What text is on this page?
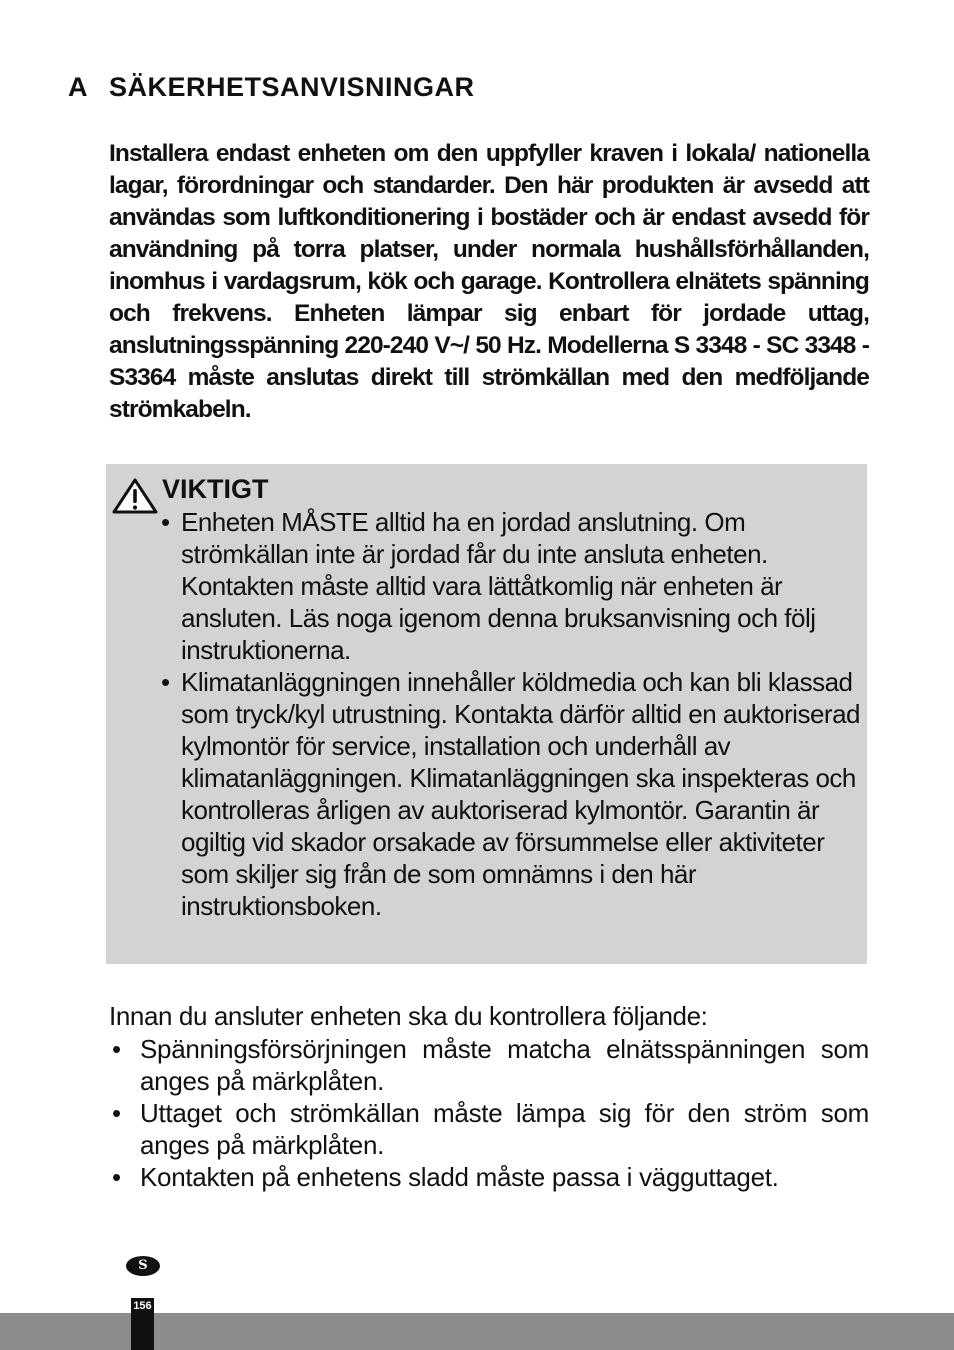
A SÄKERHETSANVISNINGAR

Installera endast enheten om den uppfyller kraven i lokala/ nationella lagar, förordningar och standarder. Den här produkten är avsedd att användas som luftkonditionering i bostäder och är endast avsedd för användning på torra platser, under normala hushållsförhållanden, inomhus i vardagsrum, kök och garage. Kontrollera elnätets spänning och frekvens. Enheten lämpar sig enbart för jordade uttag, anslutningsspänning 220-240 V~/ 50 Hz. Modellerna S 3348 - SC 3348 - S3364 måste anslutas direkt till strömkällan med den medföljande strömkabeln.

VIKTIGT
• Enheten MÅSTE alltid ha en jordad anslutning. Om strömkällan inte är jordad får du inte ansluta enheten. Kontakten måste alltid vara lättåtkomlig när enheten är ansluten. Läs noga igenom denna bruksanvisning och följ instruktionerna.
• Klimatanläggningen innehåller köldmedia och kan bli klassad som tryck/kyl utrustning. Kontakta därför alltid en auktoriserad kylmontör för service, installation och underhåll av klimatanläggningen. Klimatanläggningen ska inspekteras och kontrolleras årligen av auktoriserad kylmontör. Garantin är ogiltig vid skador orsakade av försummelse eller aktiviteter som skiljer sig från de som omnämns i den här instruktionsboken.

Innan du ansluter enheten ska du kontrollera följande:

• Spänningsförsörjningen måste matcha elnätsspänningen som anges på märkplåten.
• Uttaget och strömkällan måste lämpa sig för den ström som anges på märkplåten.
• Kontakten på enhetens sladd måste passa i vägguttaget.
S
156
